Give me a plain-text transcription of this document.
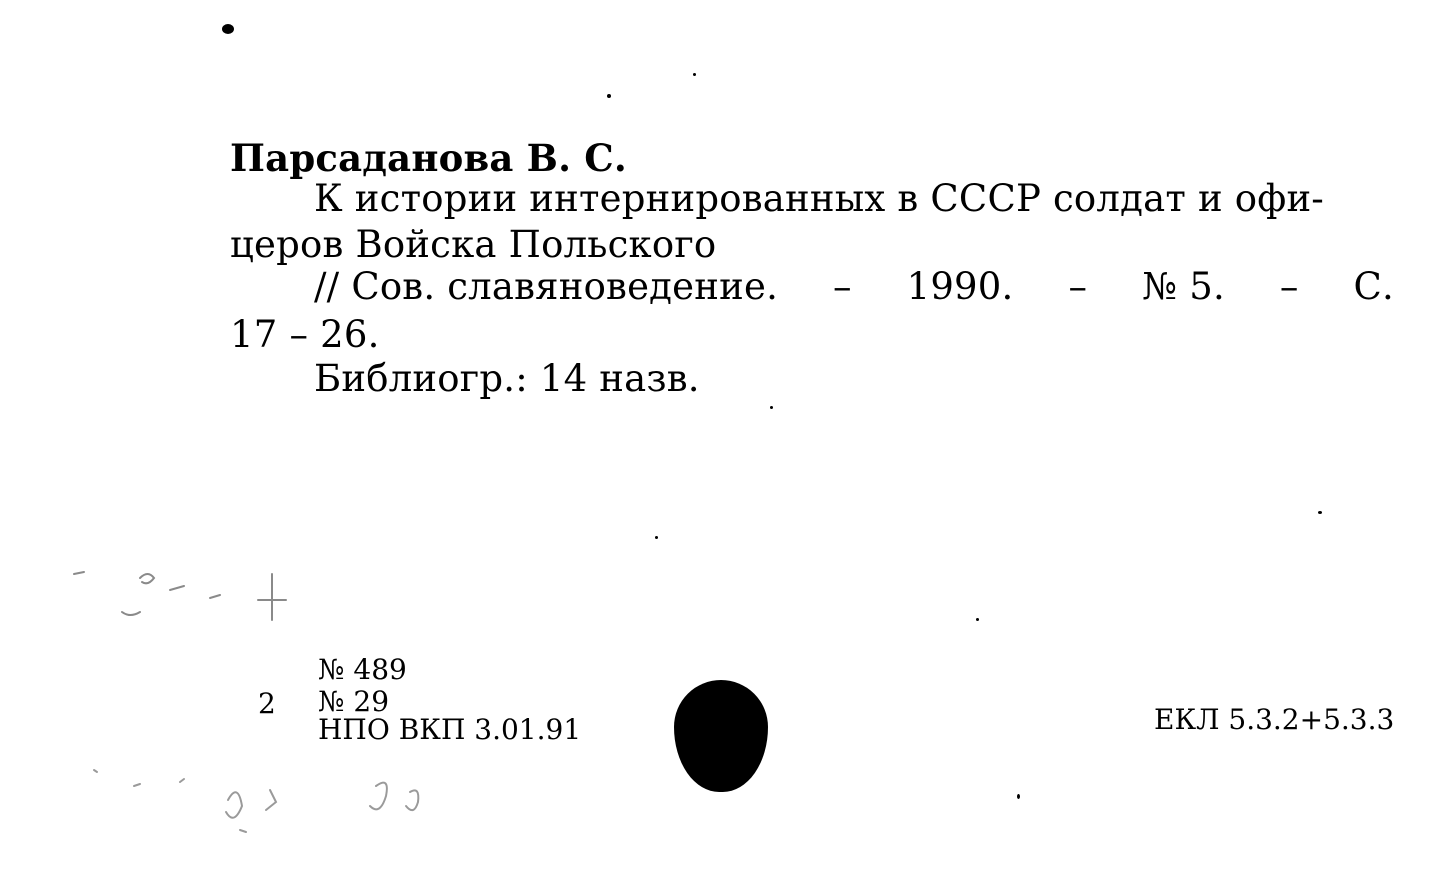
Парсаданова В. С.
К истории интернированных в СССР солдат и офи-
церов Войска Польского
// Сов. славяноведение. – 1990. – № 5. – С.
17 – 26.
Библиогр.: 14 назв.
№ 489
2 № 29
НПО ВКП 3.01.91	ЕКЛ 5.3.2+5.3.3
